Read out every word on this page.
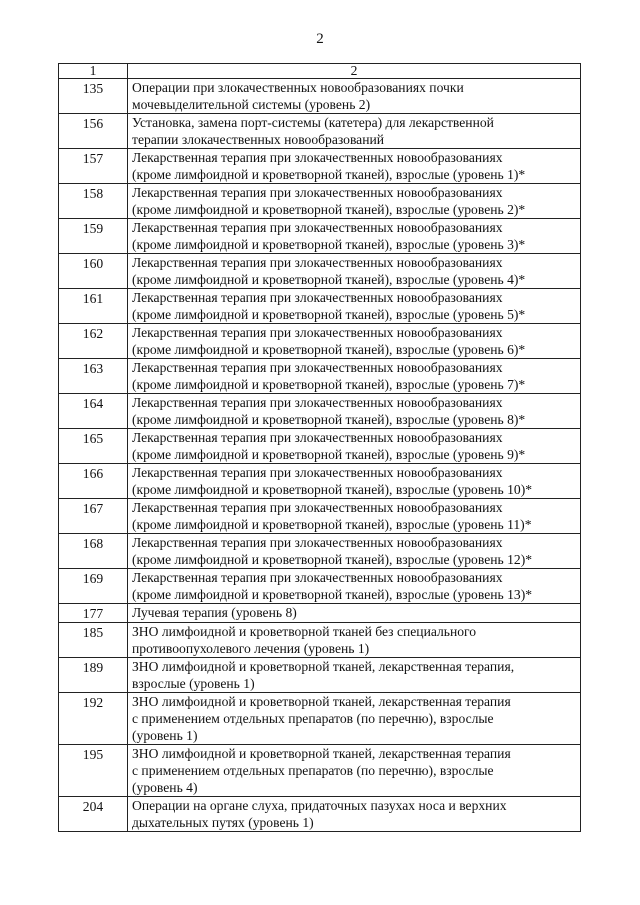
2
1	2
135	Операции при злокачественных новообразованиях почки
мочевыделительной системы (уровень 2)
156	Установка, замена порт-системы (катетера) для лекарственной
терапии злокачественных новообразований
157	Лекарственная терапия при злокачественных новообразованиях
(кроме лимфоидной и кроветворной тканей), взрослые (уровень 1)*
158	Лекарственная терапия при злокачественных новообразованиях
(кроме лимфоидной и кроветворной тканей), взрослые (уровень 2)*
159	Лекарственная терапия при злокачественных новообразованиях
(кроме лимфоидной и кроветворной тканей), взрослые (уровень 3)*
160	Лекарственная терапия при злокачественных новообразованиях
(кроме лимфоидной и кроветворной тканей), взрослые (уровень 4)*
161	Лекарственная терапия при злокачественных новообразованиях
(кроме лимфоидной и кроветворной тканей), взрослые (уровень 5)*
162	Лекарственная терапия при злокачественных новообразованиях
(кроме лимфоидной и кроветворной тканей), взрослые (уровень 6)*
163	Лекарственная терапия при злокачественных новообразованиях
(кроме лимфоидной и кроветворной тканей), взрослые (уровень 7)*
164	Лекарственная терапия при злокачественных новообразованиях
(кроме лимфоидной и кроветворной тканей), взрослые (уровень 8)*
165	Лекарственная терапия при злокачественных новообразованиях
(кроме лимфоидной и кроветворной тканей), взрослые (уровень 9)*
166	Лекарственная терапия при злокачественных новообразованиях
(кроме лимфоидной и кроветворной тканей), взрослые (уровень 10)*
167	Лекарственная терапия при злокачественных новообразованиях
(кроме лимфоидной и кроветворной тканей), взрослые (уровень 11)*
168	Лекарственная терапия при злокачественных новообразованиях
(кроме лимфоидной и кроветворной тканей), взрослые (уровень 12)*
169	Лекарственная терапия при злокачественных новообразованиях
(кроме лимфоидной и кроветворной тканей), взрослые (уровень 13)*
177	Лучевая терапия (уровень 8)
185	ЗНО лимфоидной и кроветворной тканей без специального
противоопухолевого лечения (уровень 1)
189	ЗНО лимфоидной и кроветворной тканей, лекарственная терапия,
взрослые (уровень 1)
192	ЗНО лимфоидной и кроветворной тканей, лекарственная терапия
с применением отдельных препаратов (по перечню), взрослые
(уровень 1)
195	ЗНО лимфоидной и кроветворной тканей, лекарственная терапия
с применением отдельных препаратов (по перечню), взрослые
(уровень 4)
204	Операции на органе слуха, придаточных пазухах носа и верхних
дыхательных путях (уровень 1)
